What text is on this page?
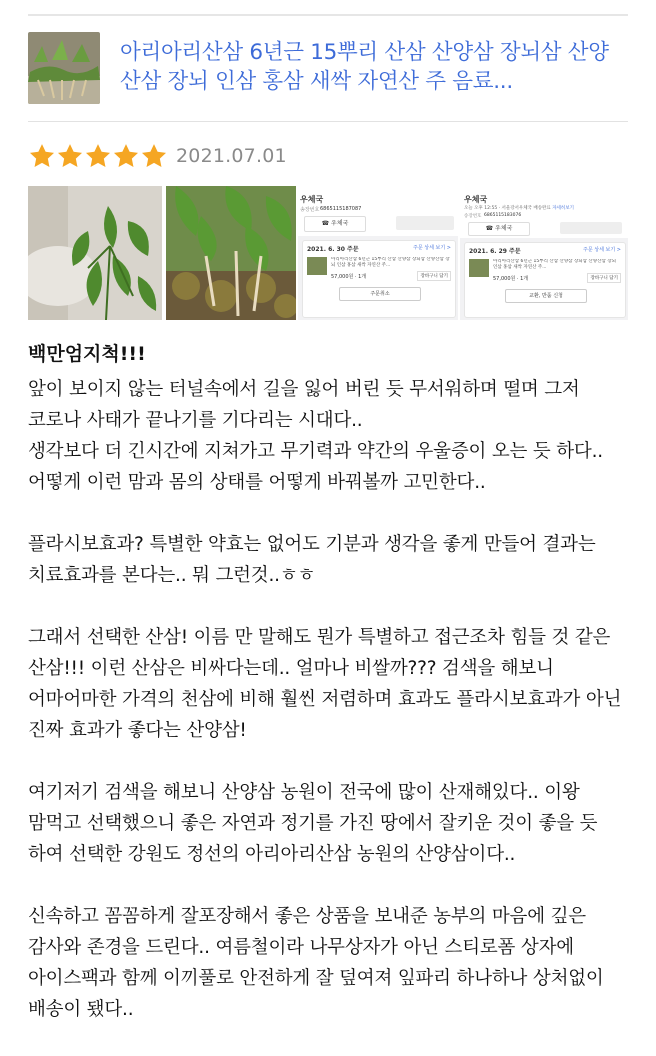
아리아리산삼 6년근 15뿌리 산삼 산양삼 장뇌삼 산양산삼 장뇌 인삼 홍삼 새싹 자연산 주 음료...
2021.07.01
우체국
송장번호 6865115187087
☎ 우체국
2021. 6. 30 주문	주문 상세 보기 >
아리아리산삼 6년근 15뿌리 산삼 산양삼 장뇌삼 산양산삼 장뇌 인삼 홍삼 새싹 자연산 주...
57,000원 · 1개	장바구니 담기
주문취소
우체국
오늘 오후 12:55 · 서울강서우체국 배송완료 자세히보기
송장번호 6865115183076
☎ 우체국
2021. 6. 29 주문	주문 상세 보기 >
아리아리산삼 6년근 15뿌리 산삼 산양삼 장뇌삼 산양산삼 장뇌 인삼 홍삼 새싹 자연산 주...
57,000원 · 1개	장바구니 담기
교환, 반품 신청
백만엄지척!!!

앞이 보이지 않는 터널속에서 길을 잃어 버린 듯 무서워하며 떨며 그저 코로나 사태가 끝나기를 기다리는 시대다..
생각보다 더 긴시간에 지쳐가고 무기력과 약간의 우울증이 오는 듯 하다..
어떻게 이런 맘과 몸의 상태를 어떻게 바꿔볼까 고민한다..

플라시보효과? 특별한 약효는 없어도 기분과 생각을 좋게 만들어 결과는 치료효과를 본다는.. 뭐 그런것..ㅎㅎ

그래서 선택한 산삼! 이름 만 말해도 뭔가 특별하고 접근조차 힘들 것 같은 산삼!!! 이런 산삼은 비싸다는데.. 얼마나 비쌀까??? 검색을 해보니 어마어마한 가격의 천삼에 비해 훨씬 저렴하며 효과도 플라시보효과가 아닌 진짜 효과가 좋다는 산양삼!

여기저기 검색을 해보니 산양삼 농원이 전국에 많이 산재해있다.. 이왕 맘먹고 선택했으니 좋은 자연과 정기를 가진 땅에서 잘키운 것이 좋을 듯 하여 선택한 강원도 정선의 아리아리산삼 농원의 산양삼이다..

신속하고 꼼꼼하게 잘포장해서 좋은 상품을 보내준 농부의 마음에 깊은 감사와 존경을 드린다.. 여름철이라 나무상자가 아닌 스티로폼 상자에 아이스팩과 함께 이끼풀로 안전하게 잘 덮여져 잎파리 하나하나 상처없이 배송이 됐다..
